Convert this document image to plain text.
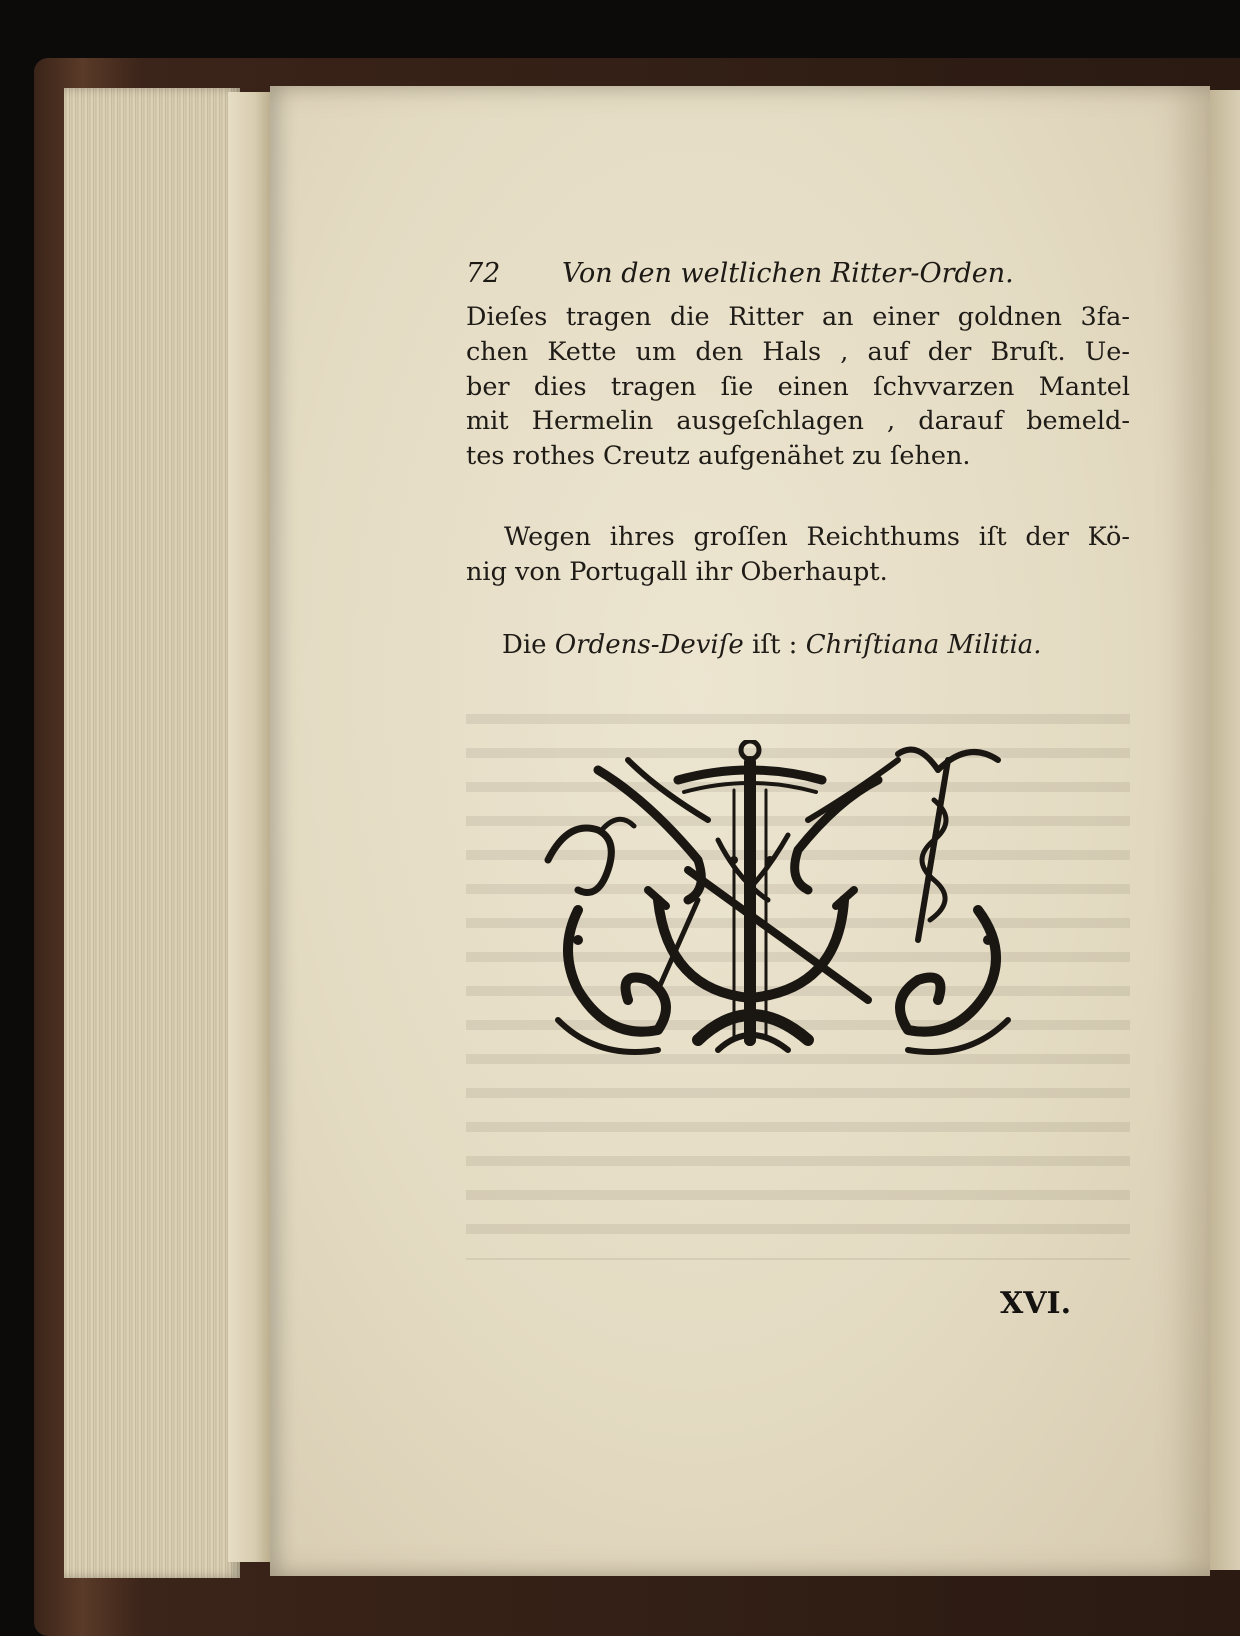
72 Von den weltlichen Ritter-Orden.

Dieſes tragen die Ritter an einer goldnen 3fa-

chen Kette um den Hals , auf der Bruſt. Ue-

ber dies tragen ſie einen ſchvvarzen Mantel

mit Hermelin ausgeſchlagen , darauf bemeld-

tes rothes Creutz aufgenähet zu ſehen.

Wegen ihres groſſen Reichthums iſt der Kö-

nig von Portugall ihr Oberhaupt.

Die Ordens-Deviſe iſt : Chriſtiana Militia.
XVI.
